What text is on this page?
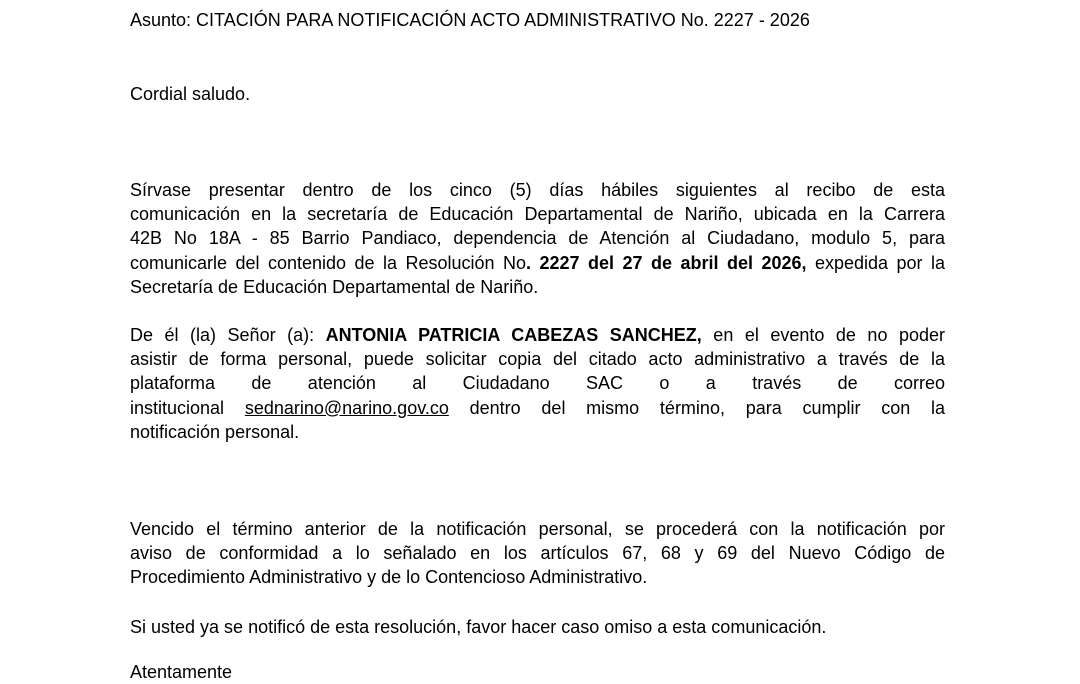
Asunto: CITACIÓN PARA NOTIFICACIÓN ACTO ADMINISTRATIVO No. 2227 - 2026
Cordial saludo.
Sírvase presentar dentro de los cinco (5) días hábiles siguientes al recibo de esta
comunicación en la secretaría de Educación Departamental de Nariño, ubicada en la Carrera
42B No 18A - 85 Barrio Pandiaco, dependencia de Atención al Ciudadano, modulo 5, para
comunicarle del contenido de la Resolución No. 2227 del 27 de abril del 2026, expedida por la
Secretaría de Educación Departamental de Nariño.
De él (la) Señor (a): ANTONIA PATRICIA CABEZAS SANCHEZ, en el evento de no poder
asistir de forma personal, puede solicitar copia del citado acto administrativo a través de la
plataforma de atención al Ciudadano SAC o a través de correo
institucional sednarino@narino.gov.co dentro del mismo término, para cumplir con la
notificación personal.
Vencido el término anterior de la notificación personal, se procederá con la notificación por
aviso de conformidad a lo señalado en los artículos 67, 68 y 69 del Nuevo Código de
Procedimiento Administrativo y de lo Contencioso Administrativo.
Si usted ya se notificó de esta resolución, favor hacer caso omiso a esta comunicación.
Atentamente
